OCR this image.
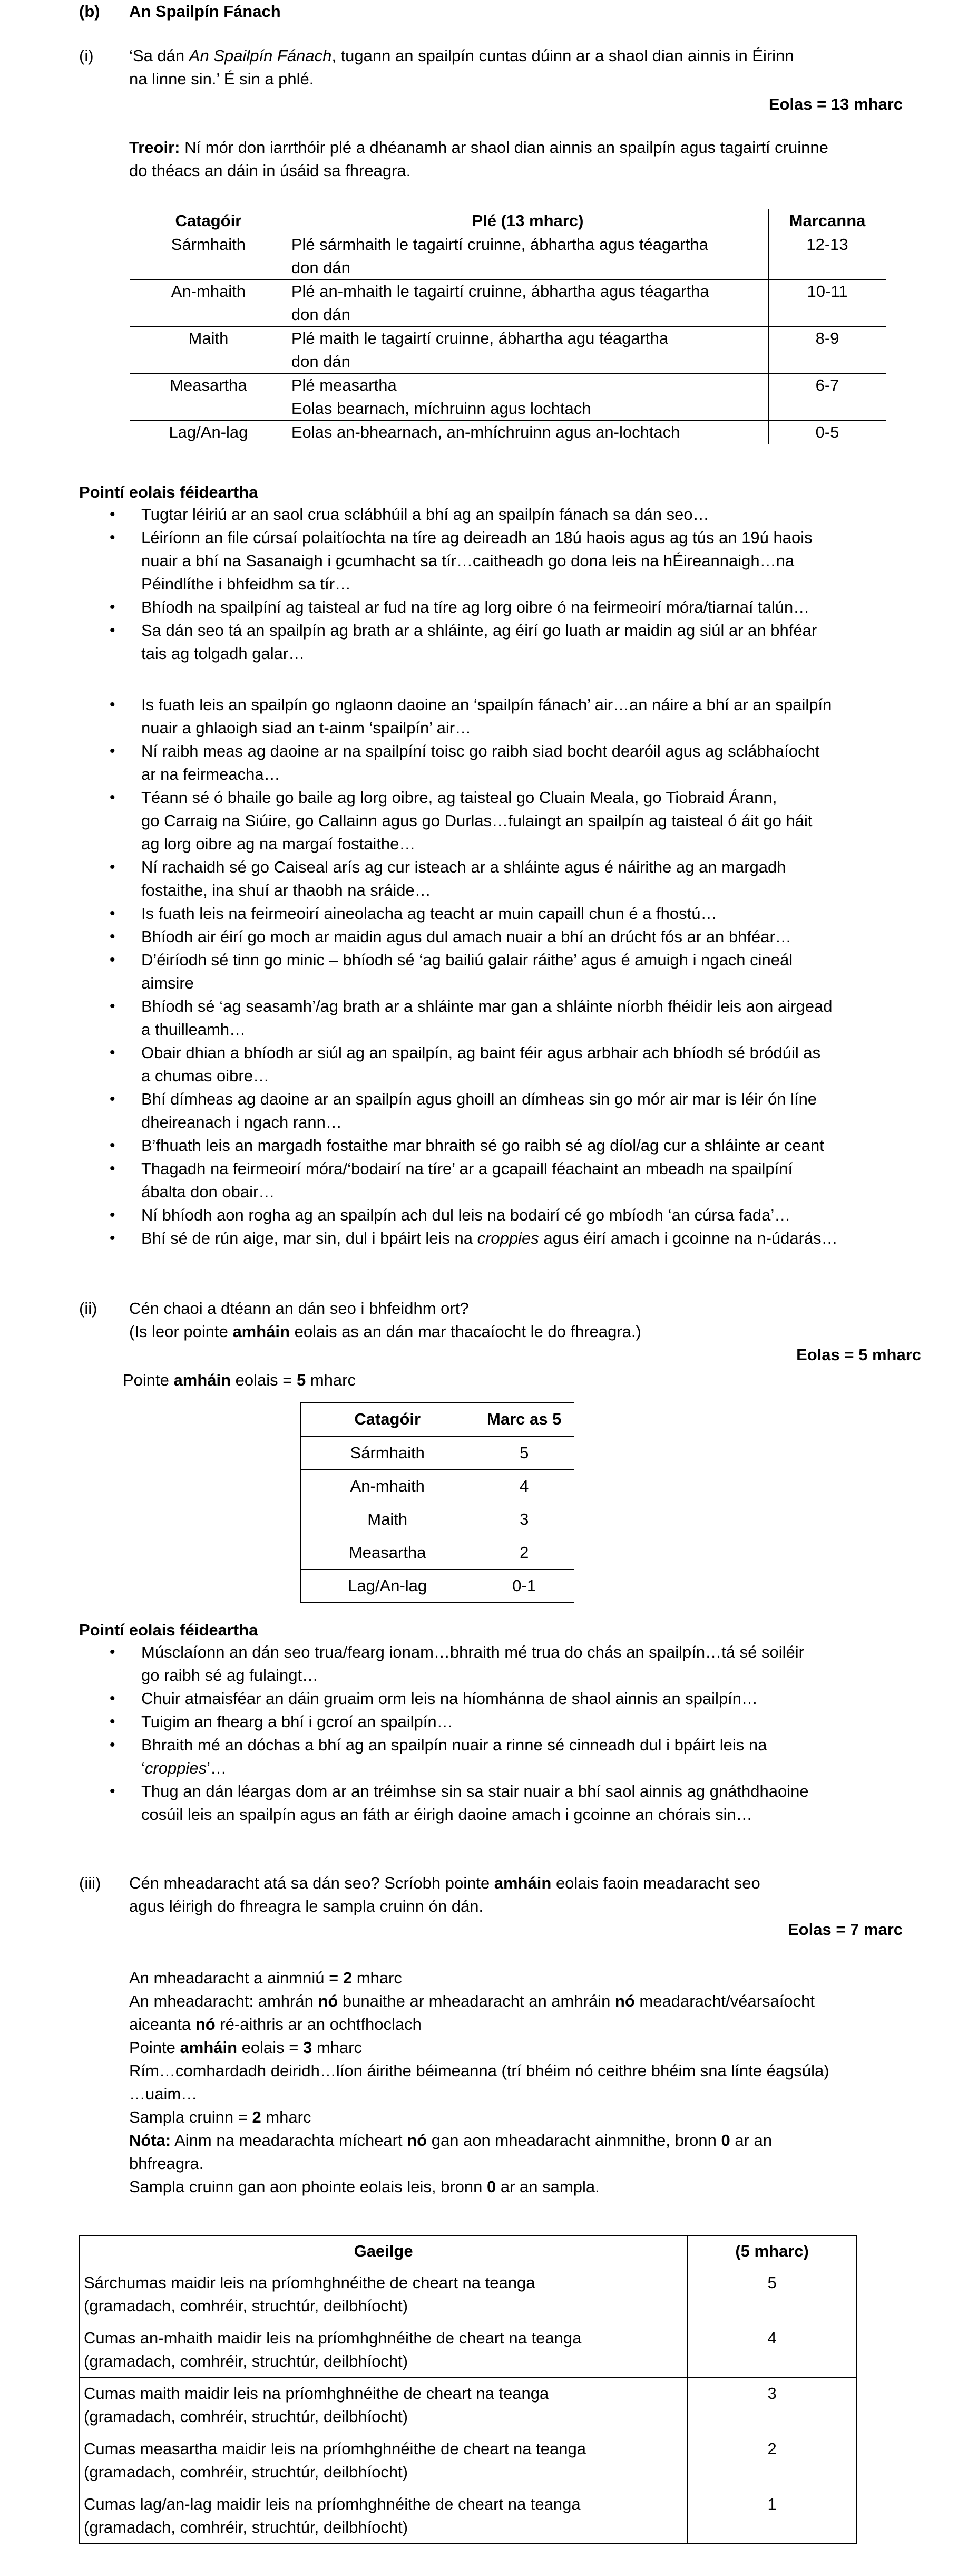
(b) An Spailpín Fánach
(i) ‘Sa dán An Spailpín Fánach, tugann an spailpín cuntas dúinn ar a shaol dian ainnis in Éirinn
na linne sin.’ É sin a phlé.
Eolas = 13 mharc
Treoir: Ní mór don iarrthóir plé a dhéanamh ar shaol dian ainnis an spailpín agus tagairtí cruinne
do théacs an dáin in úsáid sa fhreagra.
Catagóir	Plé (13 mharc)	Marcanna
Sármhaith	Plé sármhaith le tagairtí cruinne, ábhartha agus téagartha
don dán	12-13
An-mhaith	Plé an-mhaith le tagairtí cruinne, ábhartha agus téagartha
don dán	10-11
Maith	Plé maith le tagairtí cruinne, ábhartha agu téagartha
don dán	8-9
Measartha	Plé measartha
Eolas bearnach, míchruinn agus lochtach	6-7
Lag/An-lag	Eolas an-bhearnach, an-mhíchruinn agus an-lochtach	0-5
Pointí eolais féideartha
• Tugtar léiriú ar an saol crua sclábhúil a bhí ag an spailpín fánach sa dán seo…
• Léiríonn an file cúrsaí polaitíochta na tíre ag deireadh an 18ú haois agus ag tús an 19ú haois
nuair a bhí na Sasanaigh i gcumhacht sa tír…caitheadh go dona leis na hÉireannaigh…na
Péindlíthe i bhfeidhm sa tír…
• Bhíodh na spailpíní ag taisteal ar fud na tíre ag lorg oibre ó na feirmeoirí móra/tiarnaí talún…
• Sa dán seo tá an spailpín ag brath ar a shláinte, ag éirí go luath ar maidin ag siúl ar an bhféar
tais ag tolgadh galar…
• Is fuath leis an spailpín go nglaonn daoine an ‘spailpín fánach’ air…an náire a bhí ar an spailpín
nuair a ghlaoigh siad an t-ainm ‘spailpín’ air…
• Ní raibh meas ag daoine ar na spailpíní toisc go raibh siad bocht dearóil agus ag sclábhaíocht
ar na feirmeacha…
• Téann sé ó bhaile go baile ag lorg oibre, ag taisteal go Cluain Meala, go Tiobraid Árann,
go Carraig na Siúire, go Callainn agus go Durlas…fulaingt an spailpín ag taisteal ó áit go háit
ag lorg oibre ag na margaí fostaithe…
• Ní rachaidh sé go Caiseal arís ag cur isteach ar a shláinte agus é náirithe ag an margadh
fostaithe, ina shuí ar thaobh na sráide…
• Is fuath leis na feirmeoirí aineolacha ag teacht ar muin capaill chun é a fhostú…
• Bhíodh air éirí go moch ar maidin agus dul amach nuair a bhí an drúcht fós ar an bhféar…
• D’éiríodh sé tinn go minic – bhíodh sé ‘ag bailiú galair ráithe’ agus é amuigh i ngach cineál
aimsire
• Bhíodh sé ‘ag seasamh’/ag brath ar a shláinte mar gan a shláinte níorbh fhéidir leis aon airgead
a thuilleamh…
• Obair dhian a bhíodh ar siúl ag an spailpín, ag baint féir agus arbhair ach bhíodh sé bródúil as
a chumas oibre…
• Bhí dímheas ag daoine ar an spailpín agus ghoill an dímheas sin go mór air mar is léir ón líne
dheireanach i ngach rann…
• B’fhuath leis an margadh fostaithe mar bhraith sé go raibh sé ag díol/ag cur a shláinte ar ceant
• Thagadh na feirmeoirí móra/‘bodairí na tíre’ ar a gcapaill féachaint an mbeadh na spailpíní
ábalta don obair…
• Ní bhíodh aon rogha ag an spailpín ach dul leis na bodairí cé go mbíodh ‘an cúrsa fada’…
• Bhí sé de rún aige, mar sin, dul i bpáirt leis na croppies agus éirí amach i gcoinne na n-údarás…
(ii) Cén chaoi a dtéann an dán seo i bhfeidhm ort?
(Is leor pointe amháin eolais as an dán mar thacaíocht le do fhreagra.)
Eolas = 5 mharc
Pointe amháin eolais = 5 mharc
Catagóir	Marc as 5
Sármhaith	5
An-mhaith	4
Maith	3
Measartha	2
Lag/An-lag	0-1
Pointí eolais féideartha
• Músclaíonn an dán seo trua/fearg ionam…bhraith mé trua do chás an spailpín…tá sé soiléir
go raibh sé ag fulaingt…
• Chuir atmaisféar an dáin gruaim orm leis na híomhánna de shaol ainnis an spailpín…
• Tuigim an fhearg a bhí i gcroí an spailpín…
• Bhraith mé an dóchas a bhí ag an spailpín nuair a rinne sé cinneadh dul i bpáirt leis na
‘croppies’…
• Thug an dán léargas dom ar an tréimhse sin sa stair nuair a bhí saol ainnis ag gnáthdhaoine
cosúil leis an spailpín agus an fáth ar éirigh daoine amach i gcoinne an chórais sin…
(iii) Cén mheadaracht atá sa dán seo? Scríobh pointe amháin eolais faoin meadaracht seo
agus léirigh do fhreagra le sampla cruinn ón dán.
Eolas = 7 marc
An mheadaracht a ainmniú = 2 mharc
An mheadaracht: amhrán nó bunaithe ar mheadaracht an amhráin nó meadaracht/véarsaíocht
aiceanta nó ré-aithris ar an ochtfhoclach
Pointe amháin eolais = 3 mharc
Rím…comhardadh deiridh…líon áirithe béimeanna (trí bhéim nó ceithre bhéim sna línte éagsúla)
…uaim…
Sampla cruinn = 2 mharc
Nóta: Ainm na meadarachta mícheart nó gan aon mheadaracht ainmnithe, bronn 0 ar an
bhfreagra.
Sampla cruinn gan aon phointe eolais leis, bronn 0 ar an sampla.
Gaeilge	(5 mharc)

Sárchumas maidir leis na príomhghnéithe de cheart na teanga
(gramadach, comhréir, struchtúr, deilbhíocht)	5

Cumas an-mhaith maidir leis na príomhghnéithe de cheart na teanga
(gramadach, comhréir, struchtúr, deilbhíocht)	4

Cumas maith maidir leis na príomhghnéithe de cheart na teanga
(gramadach, comhréir, struchtúr, deilbhíocht)	3

Cumas measartha maidir leis na príomhghnéithe de cheart na teanga
(gramadach, comhréir, struchtúr, deilbhíocht)	2

Cumas lag/an-lag maidir leis na príomhghnéithe de cheart na teanga
(gramadach, comhréir, struchtúr, deilbhíocht)	1
